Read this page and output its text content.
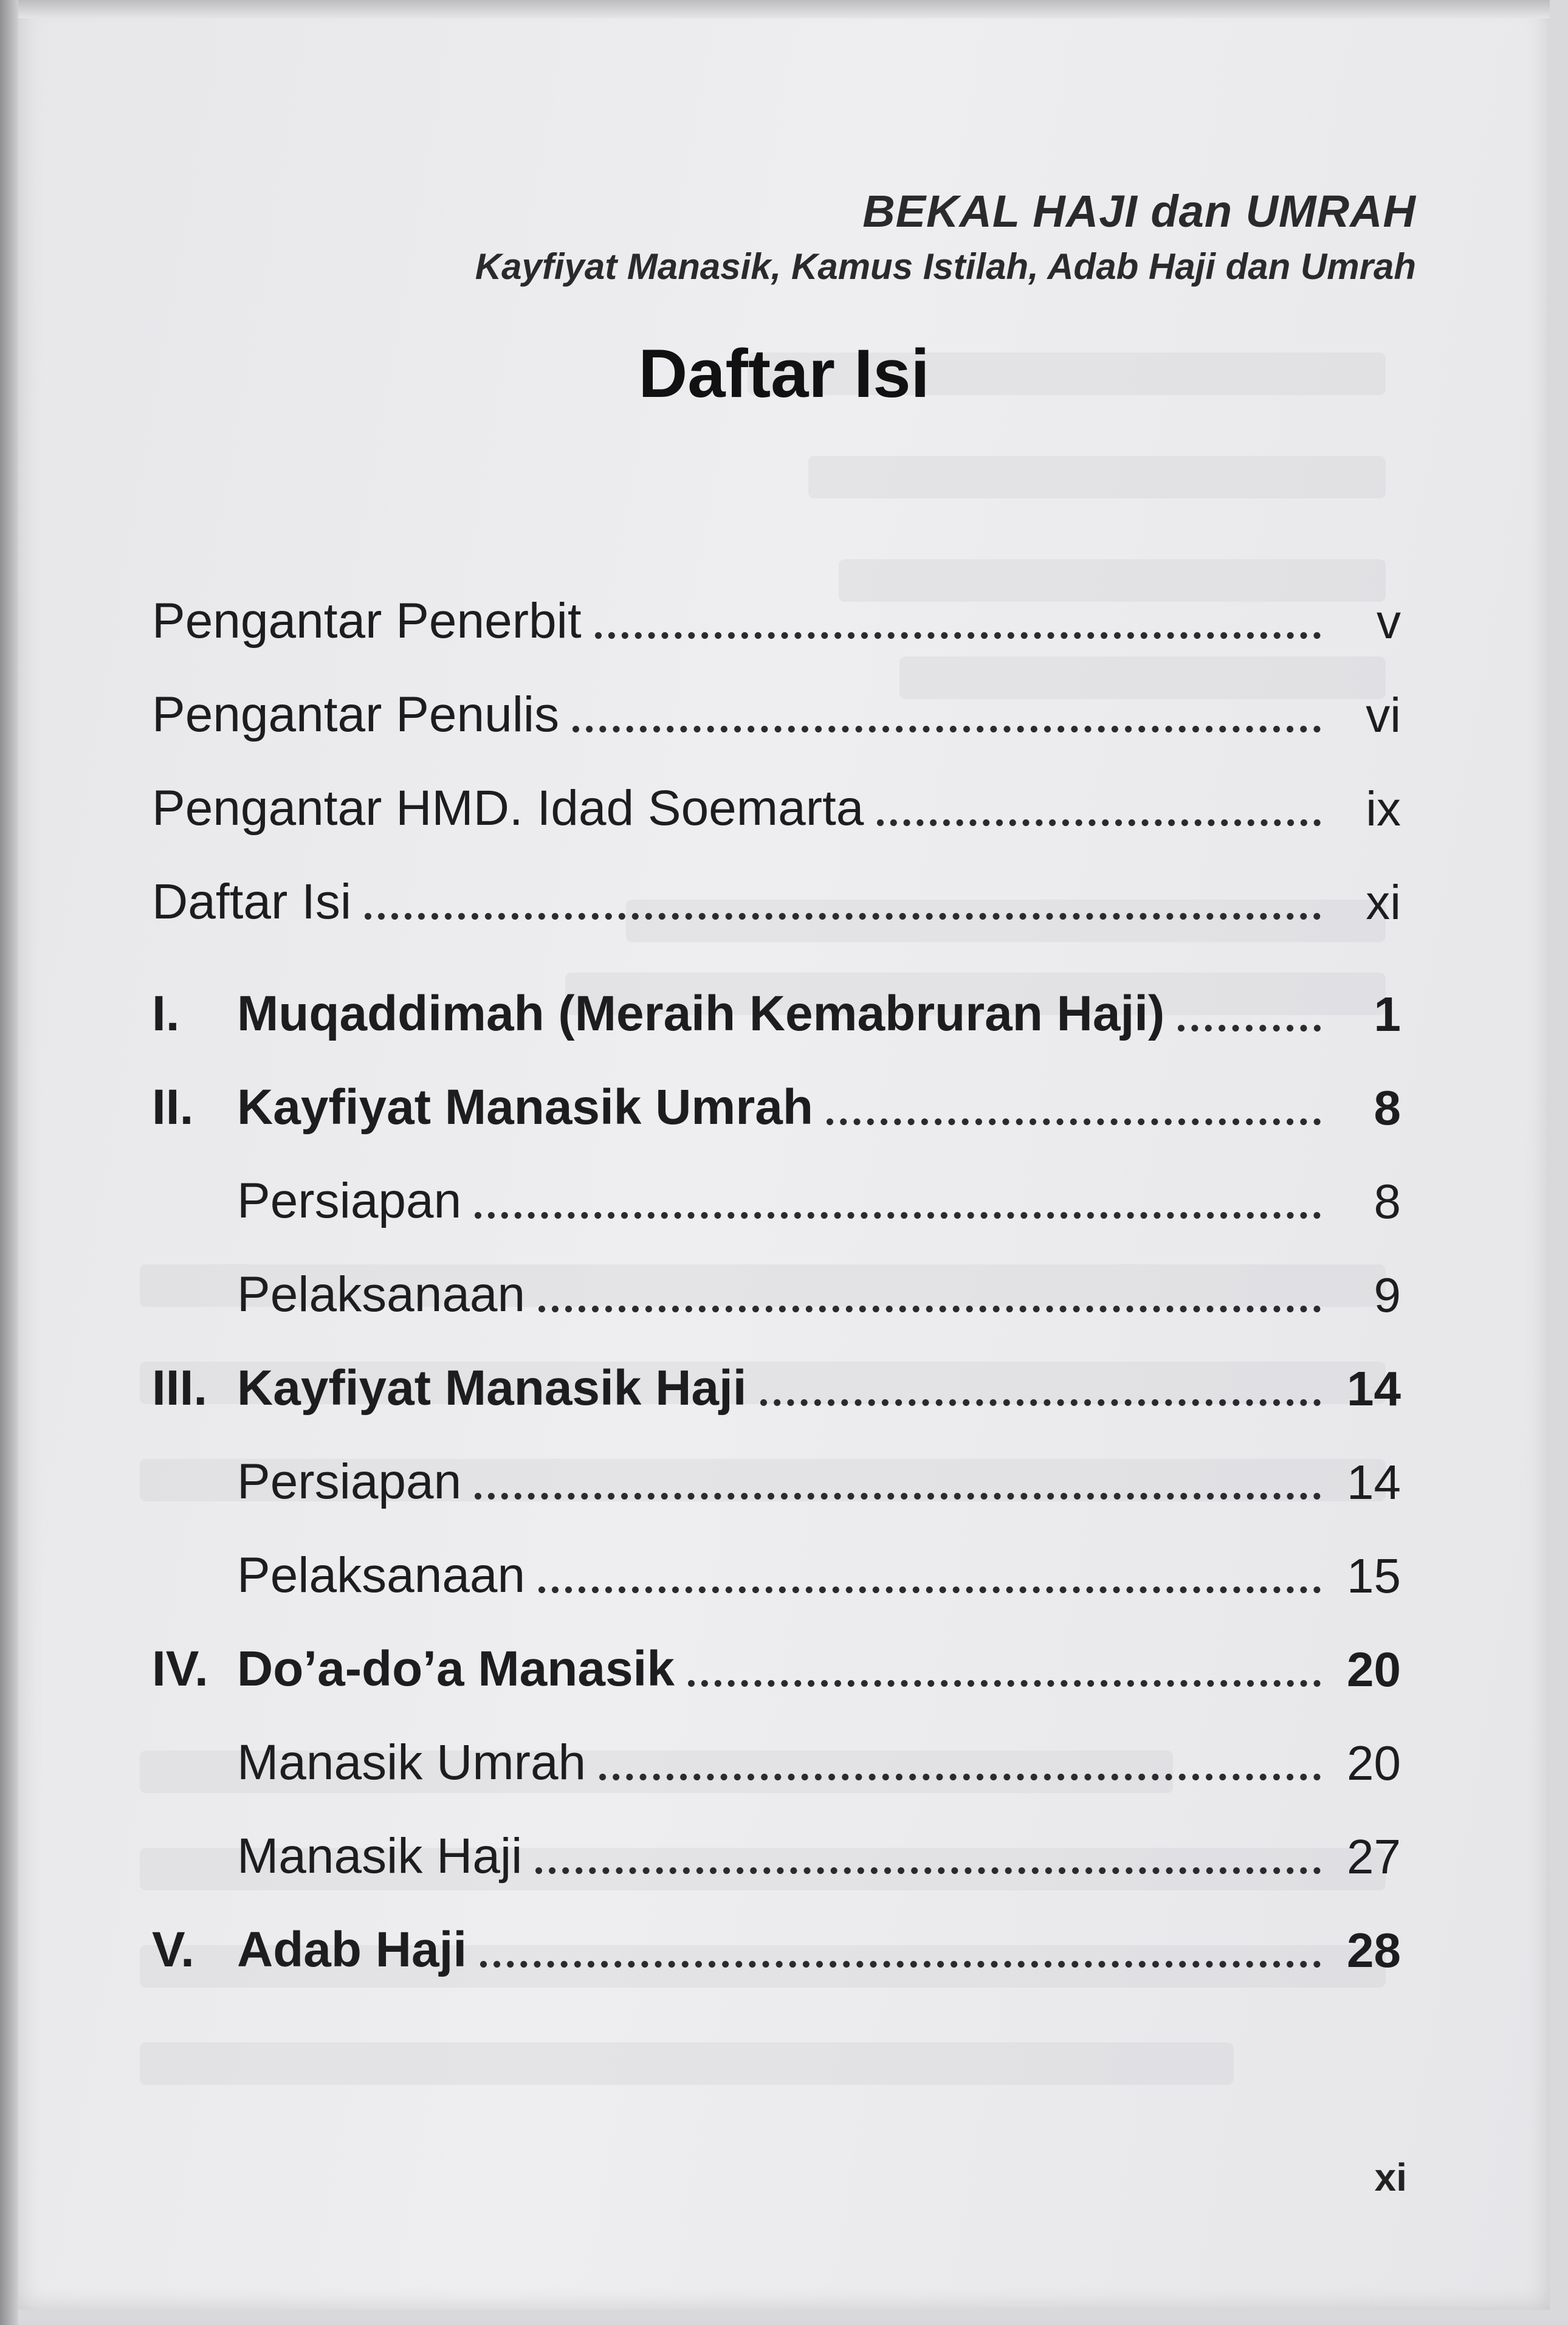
BEKAL HAJI dan UMRAH
Kayfiyat Manasik, Kamus Istilah, Adab Haji dan Umrah
Daftar Isi
Pengantar Penerbit	v
Pengantar Penulis	vi
Pengantar HMD. Idad Soemarta	ix
Daftar Isi	xi
I.	Muqaddimah (Meraih Kemabruran Haji)	1
II. Kayfiyat Manasik Umrah	8
Persiapan	8
Pelaksanaan	9
III. Kayfiyat Manasik Haji	14
Persiapan	14
Pelaksanaan	15
IV. Do’a-do’a Manasik	20
Manasik Umrah	20
Manasik Haji	27
V. Adab Haji	28
xi
